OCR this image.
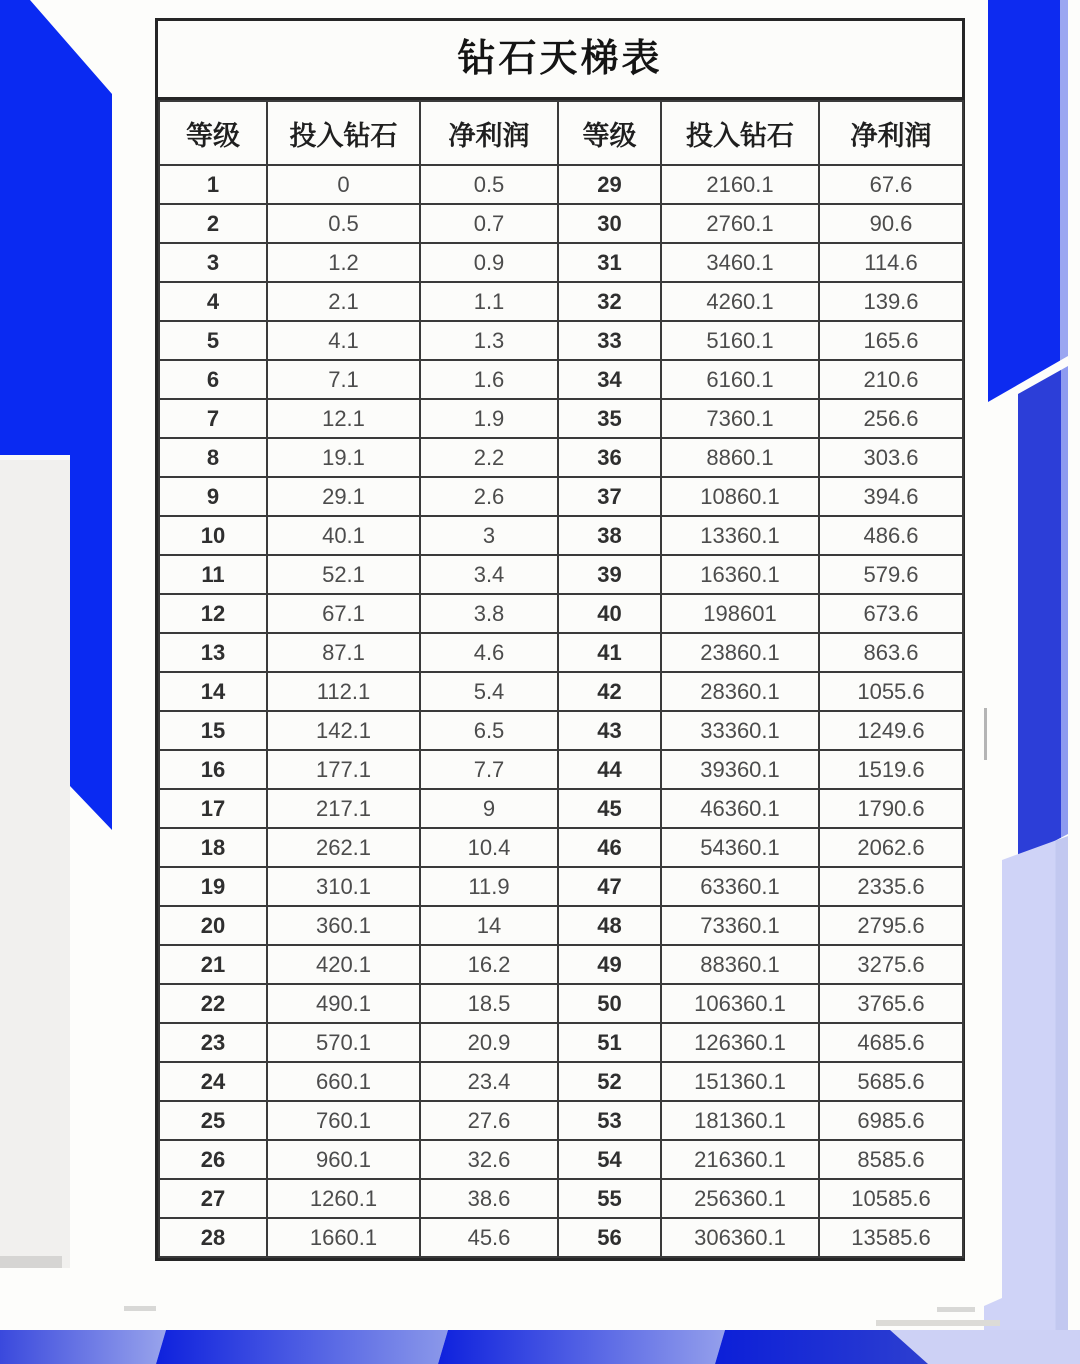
钻石天梯表
等级	投入钻石	净利润	等级	投入钻石	净利润
1	0	0.5	29	2160.1	67.6
2	0.5	0.7	30	2760.1	90.6
3	1.2	0.9	31	3460.1	114.6
4	2.1	1.1	32	4260.1	139.6
5	4.1	1.3	33	5160.1	165.6
6	7.1	1.6	34	6160.1	210.6
7	12.1	1.9	35	7360.1	256.6
8	19.1	2.2	36	8860.1	303.6
9	29.1	2.6	37	10860.1	394.6
10	40.1	3	38	13360.1	486.6
11	52.1	3.4	39	16360.1	579.6
12	67.1	3.8	40	198601	673.6
13	87.1	4.6	41	23860.1	863.6
14	112.1	5.4	42	28360.1	1055.6
15	142.1	6.5	43	33360.1	1249.6
16	177.1	7.7	44	39360.1	1519.6
17	217.1	9	45	46360.1	1790.6
18	262.1	10.4	46	54360.1	2062.6
19	310.1	11.9	47	63360.1	2335.6
20	360.1	14	48	73360.1	2795.6
21	420.1	16.2	49	88360.1	3275.6
22	490.1	18.5	50	106360.1	3765.6
23	570.1	20.9	51	126360.1	4685.6
24	660.1	23.4	52	151360.1	5685.6
25	760.1	27.6	53	181360.1	6985.6
26	960.1	32.6	54	216360.1	8585.6
27	1260.1	38.6	55	256360.1	10585.6
28	1660.1	45.6	56	306360.1	13585.6
